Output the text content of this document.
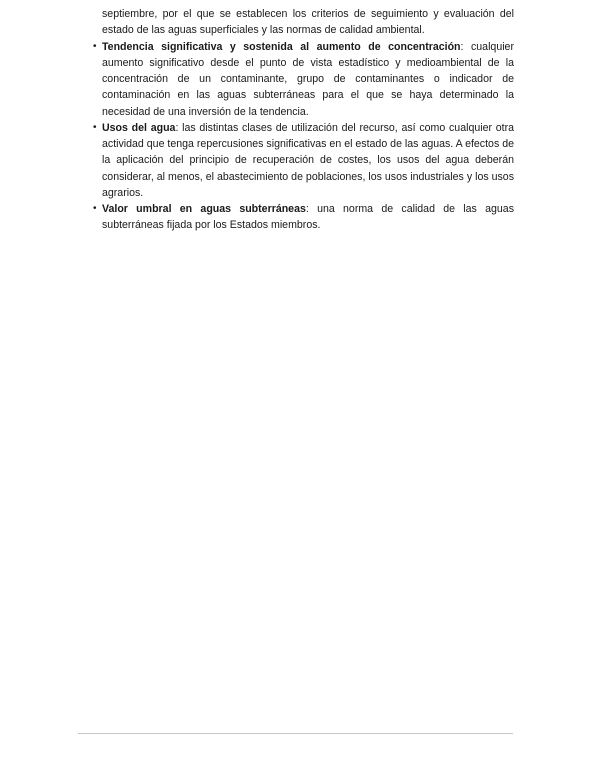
septiembre, por el que se establecen los criterios de seguimiento y evaluación del estado de las aguas superficiales y las normas de calidad ambiental.

• Tendencia significativa y sostenida al aumento de concentración: cualquier aumento significativo desde el punto de vista estadístico y medioambiental de la concentración de un contaminante, grupo de contaminantes o indicador de contaminación en las aguas subterráneas para el que se haya determinado la necesidad de una inversión de la tendencia.
• Usos del agua: las distintas clases de utilización del recurso, así como cualquier otra actividad que tenga repercusiones significativas en el estado de las aguas. A efectos de la aplicación del principio de recuperación de costes, los usos del agua deberán considerar, al menos, el abastecimiento de poblaciones, los usos industriales y los usos agrarios.
• Valor umbral en aguas subterráneas: una norma de calidad de las aguas subterráneas fijada por los Estados miembros.
